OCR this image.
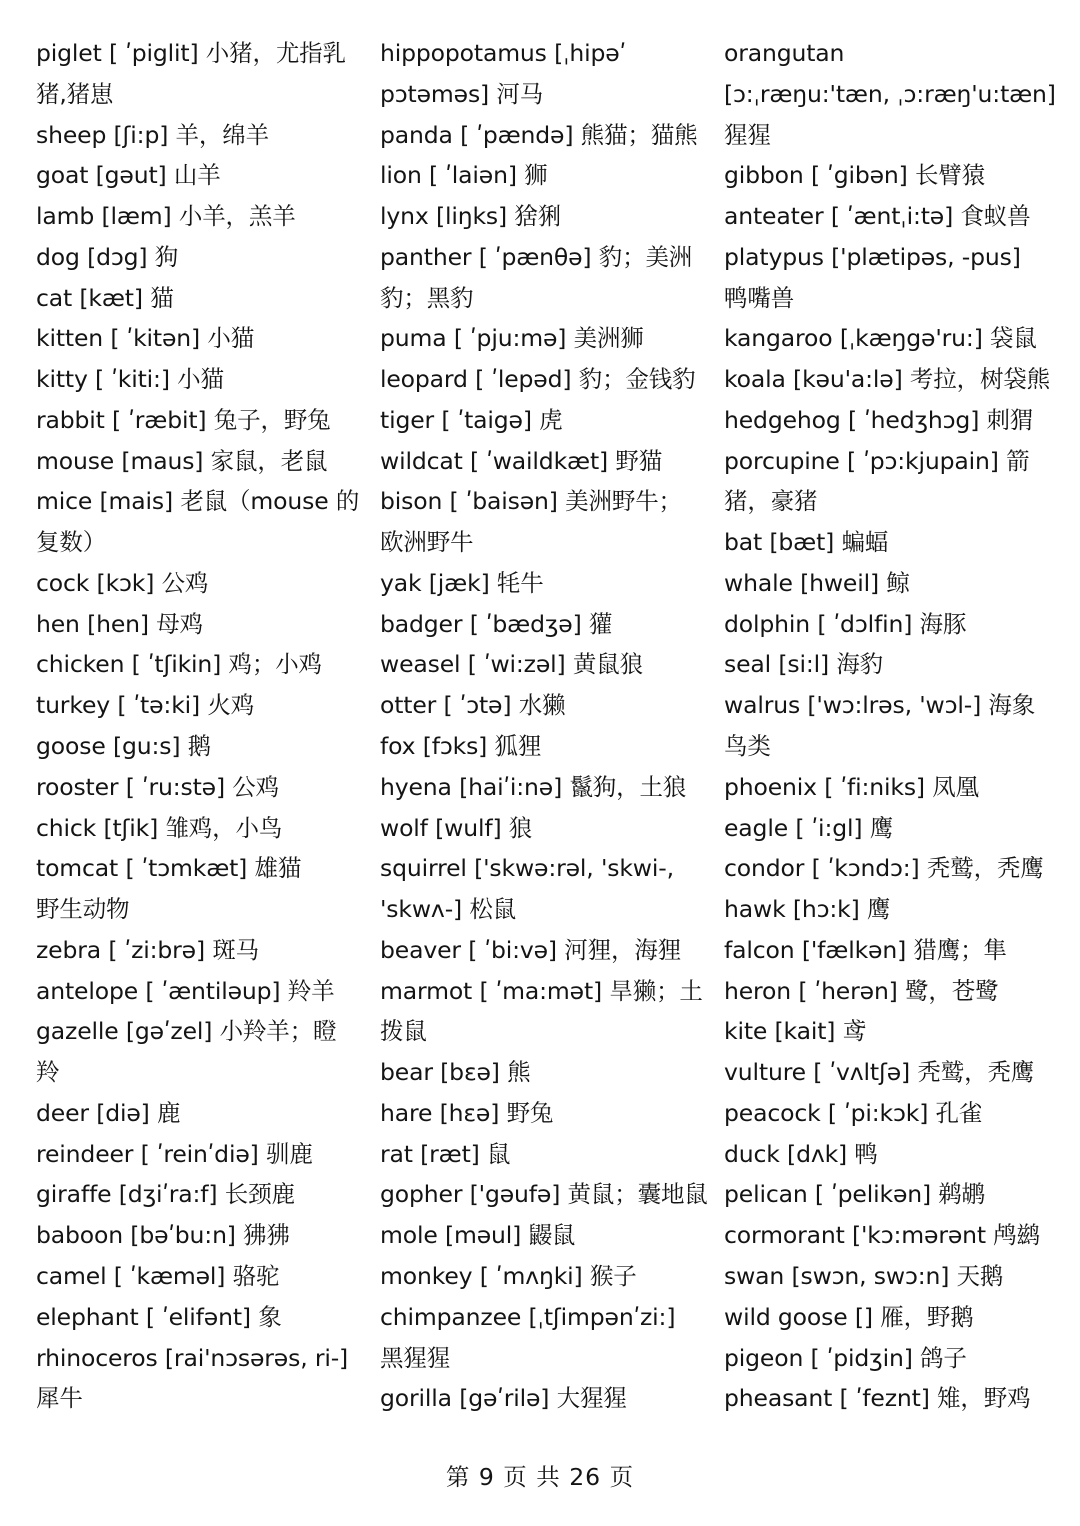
piglet [ ʹpiglit] 小猪，尤指乳
猪,猪崽
sheep [ʃi:p] 羊，绵羊
goat [gəut] 山羊
lamb [læm] 小羊，羔羊
dog [dɔg] 狗
cat [kæt] 猫
kitten [ ʹkitən] 小猫
kitty [ ʹkiti:] 小猫
rabbit [ ʹræbit] 兔子，野兔
mouse [maus] 家鼠，老鼠
mice [mais] 老鼠（mouse 的
复数）
cock [kɔk] 公鸡
hen [hen] 母鸡
chicken [ ʹtʃikin] 鸡；小鸡
turkey [ ʹtə:ki] 火鸡
goose [gu:s] 鹅
rooster [ ʹru:stə] 公鸡
chick [tʃik] 雏鸡，小鸟
tomcat [ ʹtɔmkæt] 雄猫
野生动物
zebra [ ʹzi:brə] 斑马
antelope [ ʹæntiləup] 羚羊
gazelle [gəʹzel] 小羚羊；瞪
羚
deer [diə] 鹿
reindeer [ ʹreinʹdiə] 驯鹿
giraffe [dʒiʹra:f] 长颈鹿
baboon [bəʹbu:n] 狒狒
camel [ ʹkæməl] 骆驼
elephant [ ʹelifənt] 象
rhinoceros [rai'nɔsərəs, ri-]
犀牛
hippopotamus [ˌhipəʹ
pɔtəməs] 河马
panda [ ʹpændə] 熊猫；猫熊
lion [ ʹlaiən] 狮
lynx [liŋks] 猞猁
panther [ ʹpænθə] 豹；美洲
豹；黑豹
puma [ ʹpju:mə] 美洲狮
leopard [ ʹlepəd] 豹；金钱豹
tiger [ ʹtaigə] 虎
wildcat [ ʹwaildkæt] 野猫
bison [ ʹbaisən] 美洲野牛；
欧洲野牛
yak [jæk] 牦牛
badger [ ʹbædʒə] 獾
weasel [ ʹwi:zəl] 黄鼠狼
otter [ ʹɔtə] 水獭
fox [fɔks] 狐狸
hyena [haiʹi:nə] 鬣狗，土狼
wolf [wulf] 狼
squirrel ['skwə:rəl, 'skwi-,
'skwʌ-] 松鼠
beaver [ ʹbi:və] 河狸，海狸
marmot [ ʹma:mət] 旱獭；土
拨鼠
bear [bεə] 熊
hare [hεə] 野兔
rat [ræt] 鼠
gopher ['gəufə] 黄鼠；囊地鼠
mole [məul] 鼹鼠
monkey [ ʹmʌŋki] 猴子
chimpanzee [ˌtʃimpənʹzi:]
黑猩猩
gorilla [gəʹrilə] 大猩猩
orangutan
[ɔ:ˌræŋu:'tæn, ˌɔ:ræŋ'u:tæn]
猩猩
gibbon [ ʹgibən] 长臂猿
anteater [ ʹæntˌi:tə] 食蚁兽
platypus ['plætipəs, -pus]
鸭嘴兽
kangaroo [ˌkæŋgə'ru:] 袋鼠
koala [kəu'a:lə] 考拉，树袋熊
hedgehog [ ʹhedʒhɔg] 刺猬
porcupine [ ʹpɔ:kjupain] 箭
猪，豪猪
bat [bæt] 蝙蝠
whale [hweil] 鲸
dolphin [ ʹdɔlfin] 海豚
seal [si:l] 海豹
walrus ['wɔ:lrəs, 'wɔl-] 海象
鸟类
phoenix [ ʹfi:niks] 凤凰
eagle [ ʹi:gl] 鹰
condor [ ʹkɔndɔ:] 秃鹫，秃鹰
hawk [hɔ:k] 鹰
falcon ['fælkən] 猎鹰；隼
heron [ ʹherən] 鹭，苍鹭
kite [kait] 鸢
vulture [ ʹvʌltʃə] 秃鹫，秃鹰
peacock [ ʹpi:kɔk] 孔雀
duck [dʌk] 鸭
pelican [ ʹpelikən] 鹈鹕
cormorant ['kɔ:mərənt 鸬鹚
swan [swɔn, swɔ:n] 天鹅
wild goose [] 雁，野鹅
pigeon [ ʹpidʒin] 鸽子
pheasant [ ʹfeznt] 雉，野鸡
第 9 页 共 26 页
